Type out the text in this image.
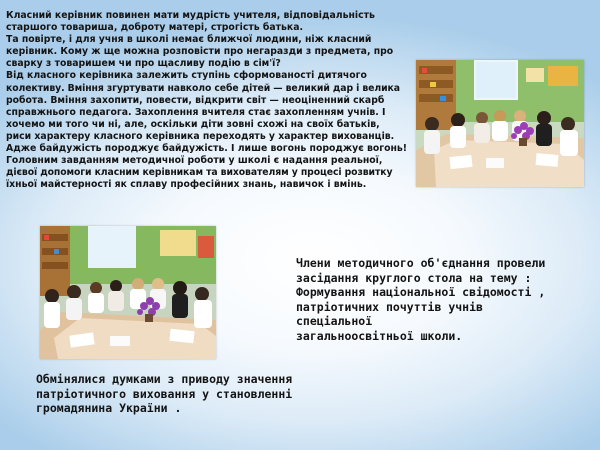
Класний керівник повинен мати мудрість учителя, відповідальність
старшого товариша, доброту матері, строгість батька.
Та повірте, і для учня в школі немає ближчої людини, ніж класний
керівник. Кому ж ще можна розповісти про негаразди з предмета, про
сварку з товаришем чи про щасливу подію в сім'ї?
Від класного керівника залежить ступінь сформованості дитячого
колективу. Вміння згуртувати навколо себе дітей — великий дар і велика
робота. Вміння захопити, повести, відкрити світ — неоціненний скарб
справжнього педагога. Захоплення вчителя стає захопленням учнів. І
хочемо ми того чи ні, але, оскільки діти зовні схожі на своїх батьків,
риси характеру класного керівника переходять у характер вихованців.
Адже байдужість породжує байдужість. І лише вогонь породжує вогонь!
Головним завданням методичної роботи у школі є надання реальної,
дієвої допомоги класним керівникам та вихователям у процесі розвитку
їхньої майстерності як сплаву професійних знань, навичок і вмінь.

Члени методичного об'єднання провели
засідання круглого стола на тему :
Формування національної свідомості ,
патріотичних почуттів учнів спеціальної
загальноосвітньої школи.

Обмінялися думками з приводу значення
патріотичного виховання у становленні
громадянина України .
